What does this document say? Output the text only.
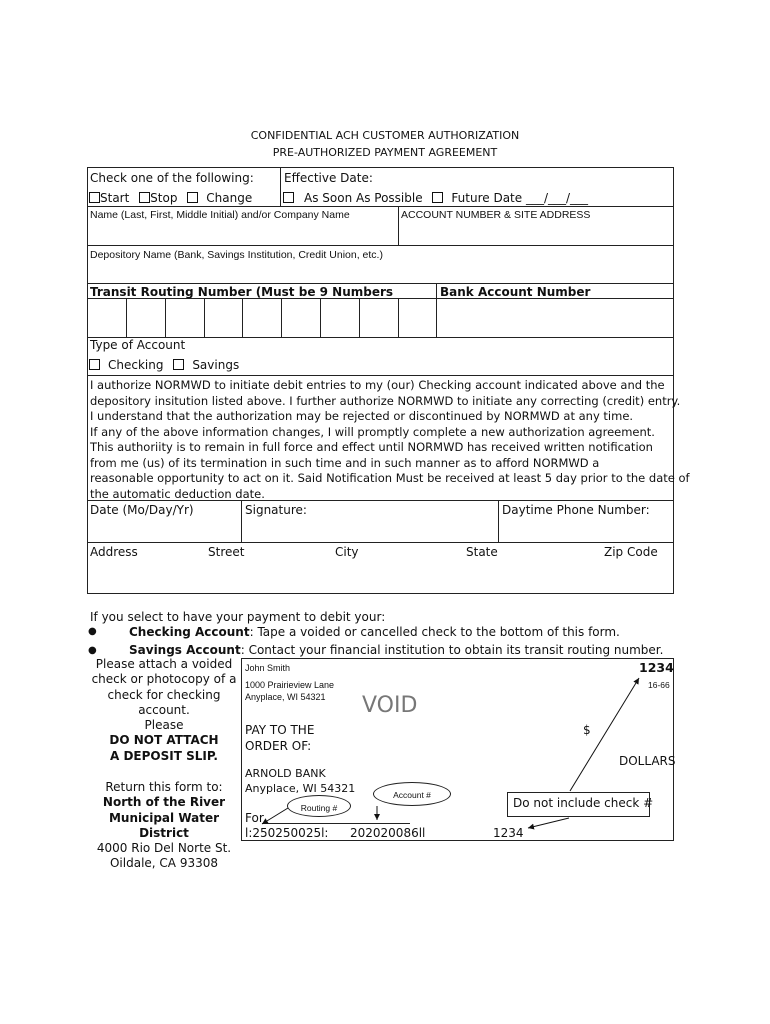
CONFIDENTIAL ACH CUSTOMER AUTHORIZATION
PRE-AUTHORIZED PAYMENT AGREEMENT
Check one of the following:	Effective Date:
Start Stop Change	As Soon As Possible Future Date ___/___/___
Name (Last, First, Middle Initial) and/or Company Name	ACCOUNT NUMBER & SITE ADDRESS
Depository Name (Bank, Savings Institution, Credit Union, etc.)
Transit Routing Number (Must be 9 Numbers	Bank Account Number
Type of Account
Checking Savings
I authorize NORMWD to initiate debit entries to my (our) Checking account indicated above and the
depository insitution listed above. I further authorize NORMWD to initiate any correcting (credit) entry.
I understand that the authorization may be rejected or discontinued by NORMWD at any time.
If any of the above information changes, I will promptly complete a new authorization agreement.
This authoriity is to remain in full force and effect until NORMWD has received written notification
from me (us) of its termination in such time and in such manner as to afford NORMWD a
reasonable opportunity to act on it. Said Notification Must be received at least 5 day prior to the date of
the automatic deduction date.
Date (Mo/Day/Yr)	Signature:	Daytime Phone Number:
Address	Street	City	State	Zip Code
If you select to have your payment to debit your:
●	Checking Account: Tape a voided or cancelled check to the bottom of this form.
●	Savings Account: Contact your financial institution to obtain its transit routing number.
Please attach a voided
check or photocopy of a
check for checking
account.
Please
DO NOT ATTACH
A DEPOSIT SLIP.
Return this form to:
North of the River
Municipal Water
District
4000 Rio Del Norte St.
Oildale, CA 93308
John Smith
1000 Prairieview Lane
Anyplace, WI 54321
1234
16-66
VOID
PAY TO THE
ORDER OF:
$
DOLLARS
ARNOLD BANK
Anyplace, WI 54321
For
l:250250025l: 202020086ll	1234
Account #
Routing #	Do not include check #
